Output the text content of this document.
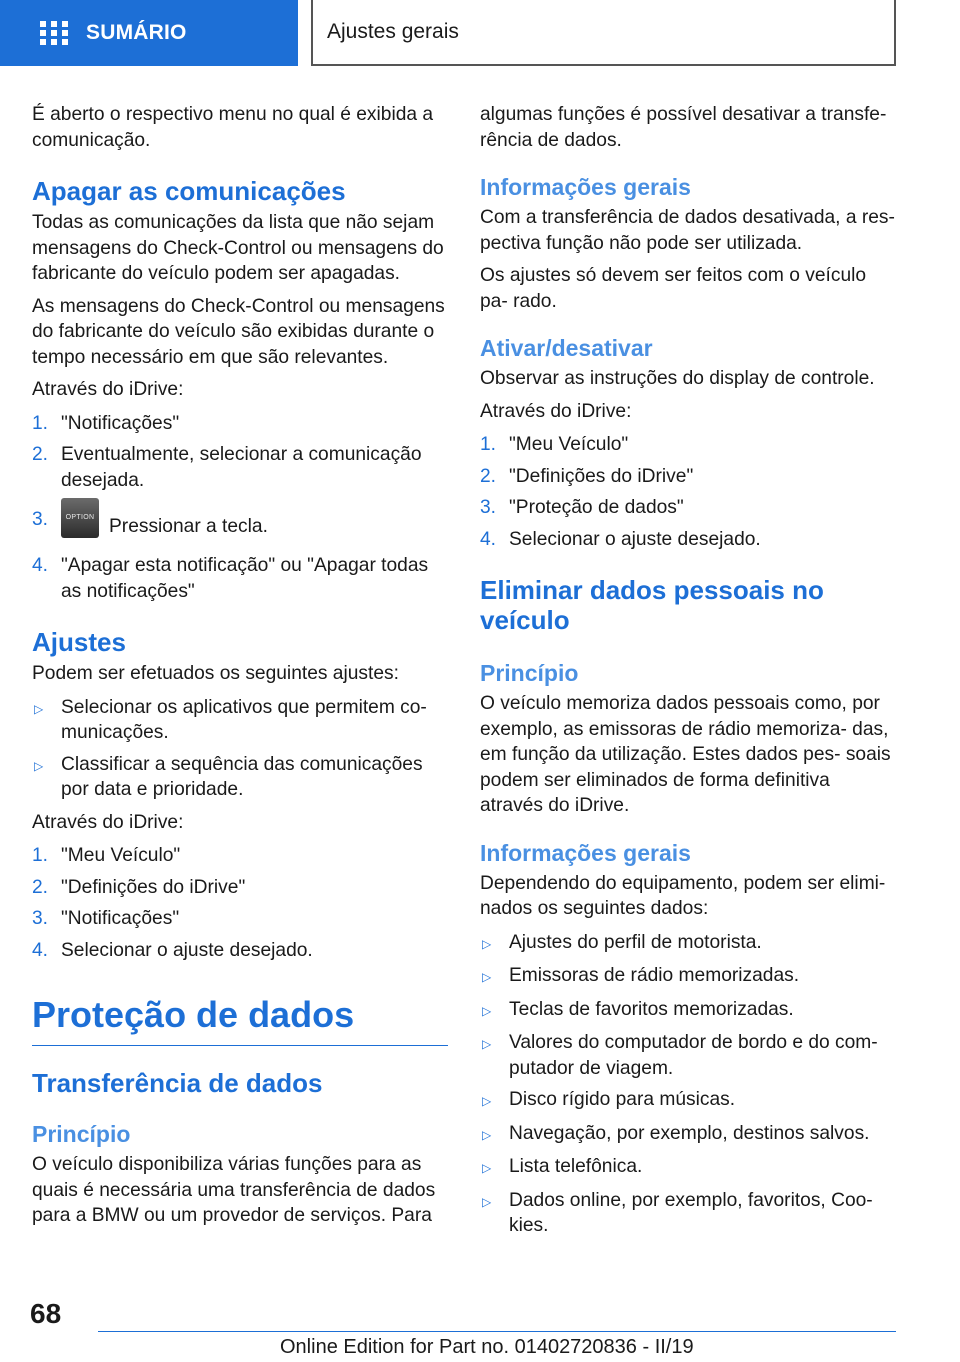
SUMÁRIO	Ajustes gerais

É aberto o respectivo menu no qual é exibida a comunicação.

Apagar as comunicações

Todas as comunicações da lista que não sejam mensagens do Check-Control ou mensagens do fabricante do veículo podem ser apagadas.

As mensagens do Check-Control ou mensagens do fabricante do veículo são exibidas durante o tempo necessário em que são relevantes.

Através do iDrive:

1. "Notificações"
2. Eventualmente, selecionar a comunicação desejada.
3.	OPTION Pressionar a tecla.
4. "Apagar esta notificação" ou "Apagar todas as notificações"
Ajustes

Podem ser efetuados os seguintes ajustes:

▷ Selecionar os aplicativos que permitem co- municações.
▷ Classificar a sequência das comunicações por data e prioridade.

Através do iDrive:

1. "Meu Veículo"
2. "Definições do iDrive"
3. "Notificações"
4. Selecionar o ajuste desejado.
Proteção de dados
Transferência de dados
Princípio

O veículo disponibiliza várias funções para as quais é necessária uma transferência de dados para a BMW ou um provedor de serviços. Para

algumas funções é possível desativar a transfe- rência de dados.

Informações gerais

Com a transferência de dados desativada, a res- pectiva função não pode ser utilizada.

Os ajustes só devem ser feitos com o veículo pa- rado.

Ativar/desativar

Observar as instruções do display de controle.

Através do iDrive:

1. "Meu Veículo"
2. "Definições do iDrive"
3. "Proteção de dados"
4. Selecionar o ajuste desejado.
Eliminar dados pessoais no veículo
Princípio

O veículo memoriza dados pessoais como, por exemplo, as emissoras de rádio memoriza- das, em função da utilização. Estes dados pes- soais podem ser eliminados de forma definitiva através do iDrive.

Informações gerais

Dependendo do equipamento, podem ser elimi- nados os seguintes dados:

▷ Ajustes do perfil de motorista.
▷ Emissoras de rádio memorizadas.
▷ Teclas de favoritos memorizadas.
▷ Valores do computador de bordo e do com- putador de viagem.
▷ Disco rígido para músicas.
▷ Navegação, por exemplo, destinos salvos.
▷ Lista telefônica.
▷ Dados online, por exemplo, favoritos, Coo- kies.
68
Online Edition for Part no. 01402720836 - II/19
